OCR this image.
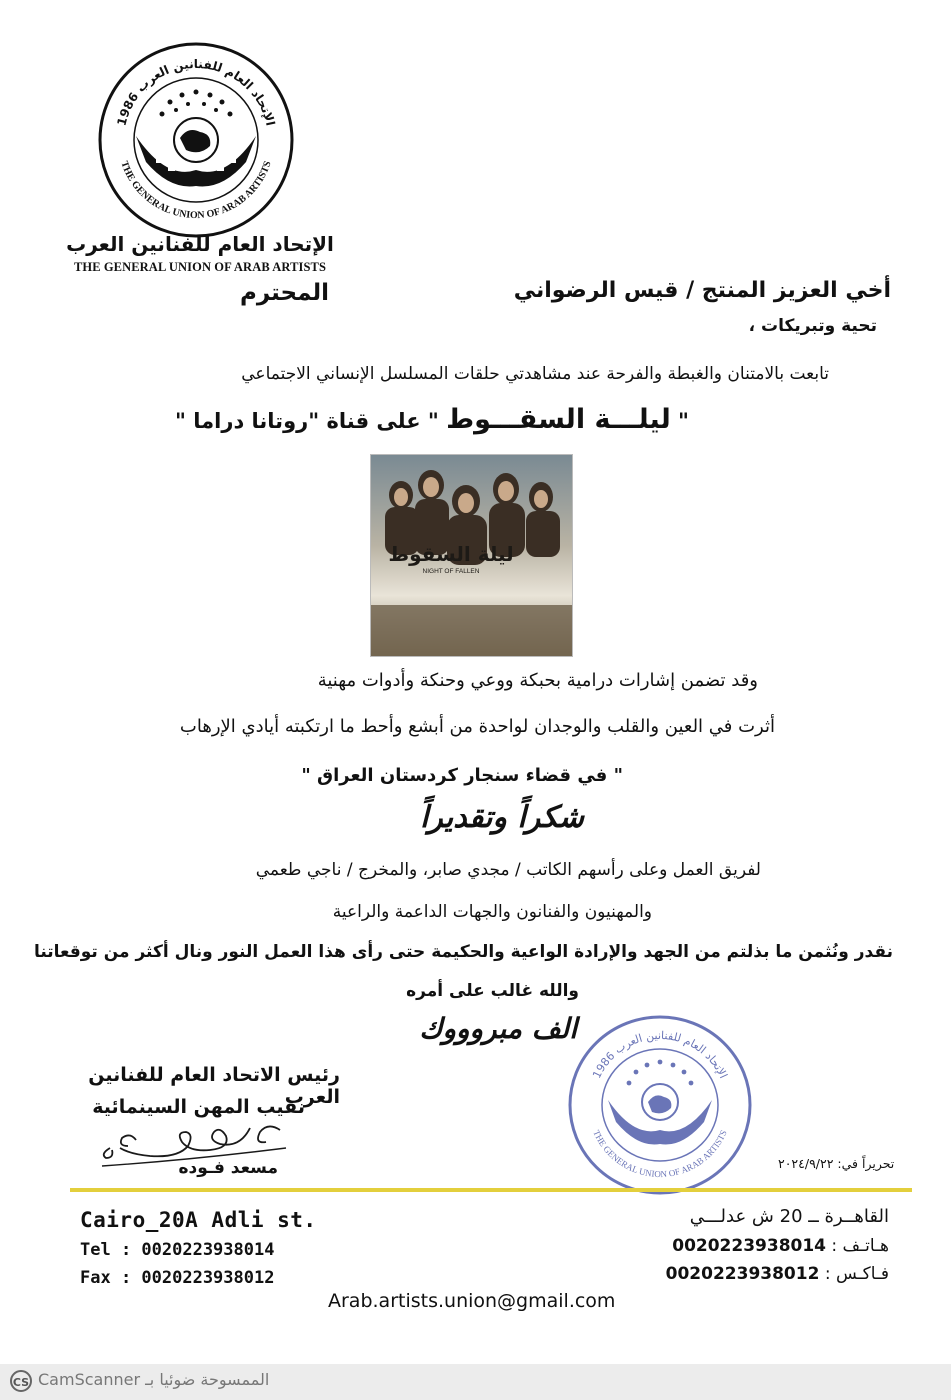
الإتحاد العام للفنانين العرب 1986
THE GENERAL UNION OF ARAB ARTISTS
الإتحاد العام للفنانين العرب
THE GENERAL UNION OF ARAB ARTISTS
المحترم	أخي العزيز المنتج / قيس الرضواني
تحية وتبريكات ،
تابعت بالامتنان والغبطة والفرحة عند مشاهدتي حلقات المسلسل الإنساني الاجتماعي
" ليلـــة السقـــوط " على قناة "روتانا دراما "
ليلة السقوط
NIGHT OF FALLEN
وقد تضمن إشارات درامية بحبكة ووعي وحنكة وأدوات مهنية
أثرت في العين والقلب والوجدان لواحدة من أبشع وأحط ما ارتكبته أيادي الإرهاب
" في قضاء سنجار كردستان العراق "
شكراً وتقديراً
لفريق العمل وعلى رأسهم الكاتب / مجدي صابر، والمخرج / ناجي طعمي
والمهنيون والفنانون والجهات الداعمة والراعية
نقدر ونُثمن ما بذلتم من الجهد والإرادة الواعية والحكيمة حتى رأى هذا العمل النور ونال أكثر من توقعاتنا
والله غالب على أمره
الف مبروووك
الإتحاد العام للفنانين العرب 1986
THE GENERAL UNION OF ARAB ARTISTS
رئيس الاتحاد العام للفنانين العرب
نقيب المهن السينمائية
مسعد فـوده	تحريراً في: ٢٠٢٤/٩/٢٢
Cairo_20A Adli st.
Tel : 0020223938014
Fax : 0020223938012
القاهــرة ــ 20 ش عدلـــي
هـاتـف : 0020223938014
فـاكـس : 0020223938012
Arab.artists.union@gmail.com
CS CamScanner الممسوحة ضوئيا بـ
